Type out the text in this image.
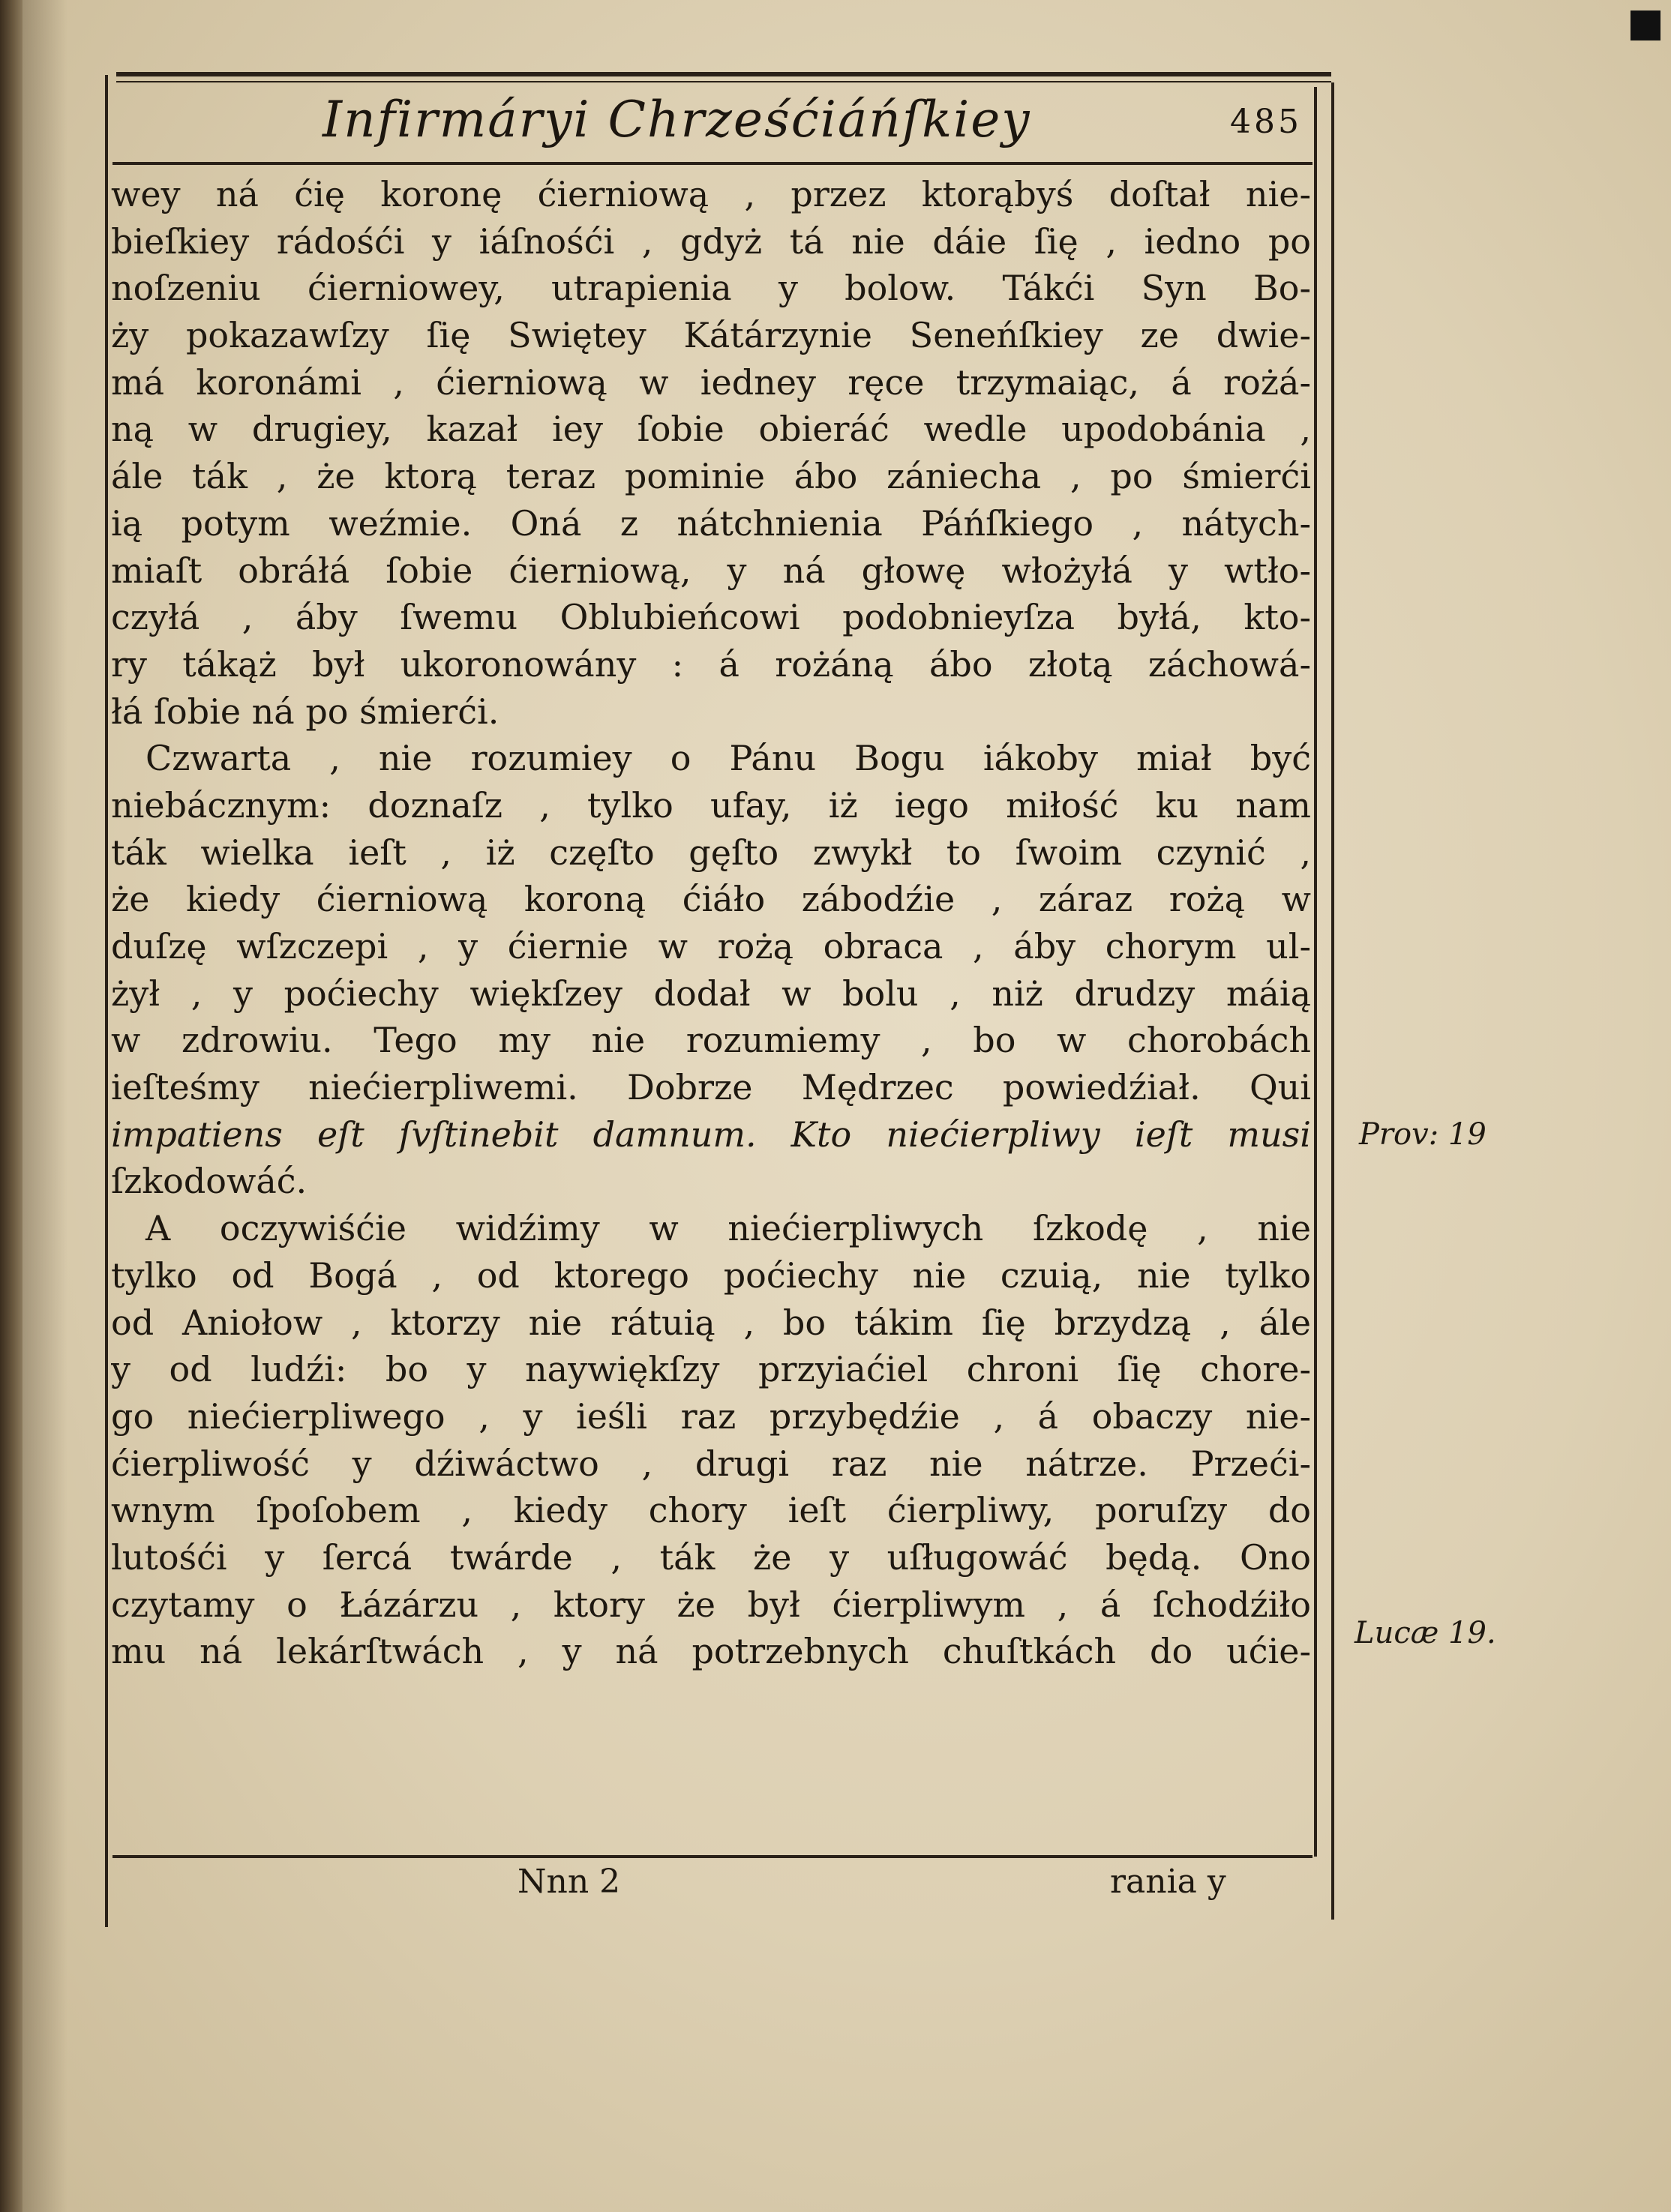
Infirmáryi Chrześćiáńſkiey	485
wey ná ćię koronę ćierniową , przez ktorąbyś doſtał nie-
bieſkiey rádośći y iáſnośći , gdyż tá nie dáie ſię , iedno po
noſzeniu ćierniowey, utrapienia y bolow. Tákći Syn Bo-
ży pokazawſzy ſię Swiętey Kátárzynie Seneńſkiey ze dwie-
má koronámi , ćierniową w iedney ręce trzymaiąc, á rożá-
ną w drugiey, kazał iey ſobie obieráć wedle upodobánia ,
ále ták , że ktorą teraz pominie ábo zániecha , po śmierći
ią potym weźmie. Oná z nátchnienia Páńſkiego , nátych-
miaſt obráłá ſobie ćierniową, y ná głowę włożyłá y wtło-
czyłá , áby ſwemu Oblubieńcowi podobnieyſza byłá, kto-
ry tákąż był ukoronowány : á rożáną ábo złotą záchowá-
łá ſobie ná po śmierći.
Czwarta , nie rozumiey o Pánu Bogu iákoby miał być
niebácznym: doznaſz , tylko ufay, iż iego miłość ku nam
ták wielka ieſt , iż częſto gęſto zwykł to ſwoim czynić ,
że kiedy ćierniową koroną ćiáło zábodźie , záraz rożą w
duſzę wſzczepi , y ćiernie w rożą obraca , áby chorym ul-
żył , y poćiechy więkſzey dodał w bolu , niż drudzy máią
w zdrowiu. Tego my nie rozumiemy , bo w chorobách
ieſteśmy niećierpliwemi. Dobrze Mędrzec powiedźiał. Qui
impatiens eſt ſvſtinebit damnum. Kto niećierpliwy ieſt musi
ſzkodowáć.
A oczywiśćie widźimy w niećierpliwych ſzkodę , nie
tylko od Bogá , od ktorego poćiechy nie czuią, nie tylko
od Aniołow , ktorzy nie rátuią , bo tákim ſię brzydzą , ále
y od ludźi: bo y naywiękſzy przyiaćiel chroni ſię chore-
go niećierpliwego , y ieśli raz przybędźie , á obaczy nie-
ćierpliwość y dźiwáctwo , drugi raz nie nátrze. Przeći-
wnym ſpoſobem , kiedy chory ieſt ćierpliwy, poruſzy do
lutośći y ſercá twárde , ták że y uſługowáć będą. Ono
czytamy o Łázárzu , ktory że był ćierpliwym , á ſchodźiło
mu ná lekárſtwách , y ná potrzebnych chuſtkách do ućie-
Prov: 19
Lucæ 19.
Nnn 2	rania y
